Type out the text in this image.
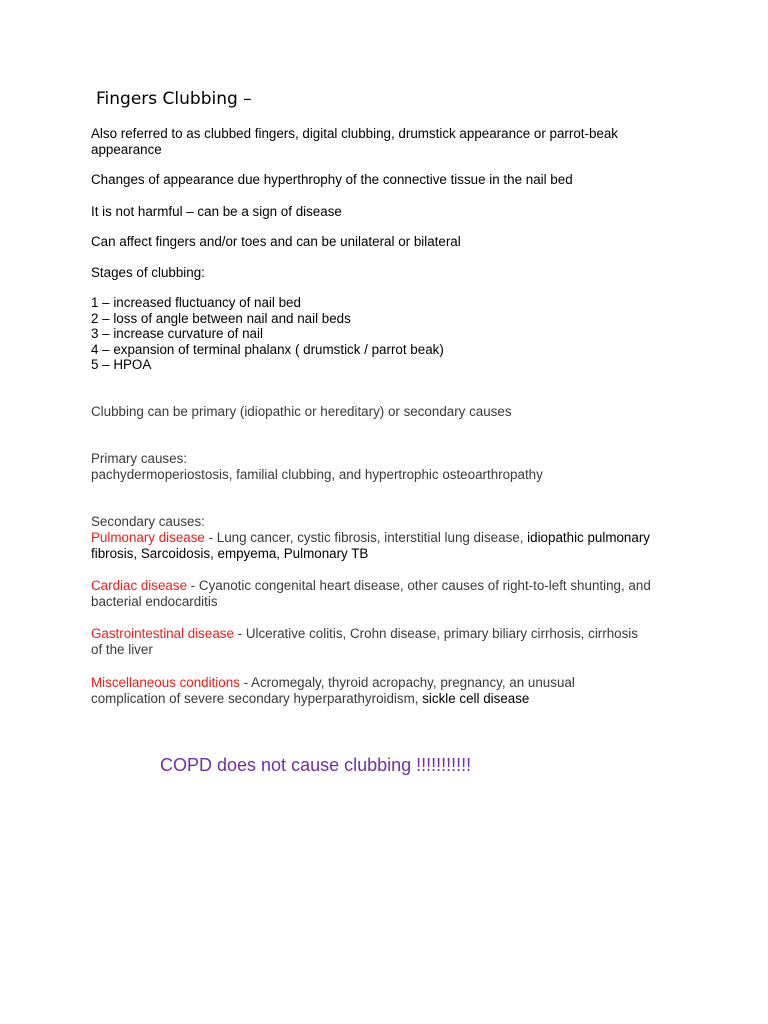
Fingers Clubbing –
Also referred to as clubbed fingers, digital clubbing, drumstick appearance or parrot-beak appearance
Changes of appearance due hyperthrophy of the connective tissue in the nail bed
It is not harmful – can be a sign of disease
Can affect fingers and/or toes and can be unilateral or bilateral
Stages of clubbing:
1 – increased fluctuancy of nail bed
2 – loss of angle between nail and nail beds
3 – increase curvature of nail
4 – expansion of terminal phalanx ( drumstick / parrot beak)
5 – HPOA
Clubbing can be primary (idiopathic or hereditary) or secondary causes
Primary causes:
pachydermoperiostosis, familial clubbing, and hypertrophic osteoarthropathy
Secondary causes:
Pulmonary disease - Lung cancer, cystic fibrosis, interstitial lung disease, idiopathic pulmonary fibrosis, Sarcoidosis, empyema, Pulmonary TB
Cardiac disease - Cyanotic congenital heart disease, other causes of right-to-left shunting, and bacterial endocarditis
Gastrointestinal disease - Ulcerative colitis, Crohn disease, primary biliary cirrhosis, cirrhosis of the liver
Miscellaneous conditions - Acromegaly, thyroid acropachy, pregnancy, an unusual complication of severe secondary hyperparathyroidism, sickle cell disease
COPD does not cause clubbing !!!!!!!!!!!
